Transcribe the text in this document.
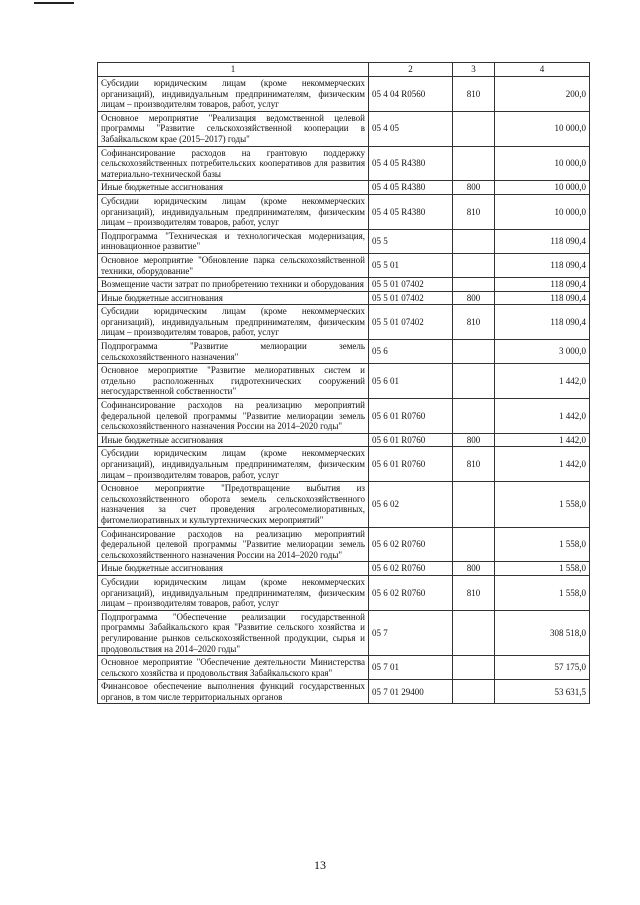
1	2	3	4
Субсидии юридическим лицам (кроме некоммерческих организаций), индивидуальным предпринимателям, физическим лицам – производителям товаров, работ, услуг	05 4 04 R0560	810	200,0
Основное мероприятие "Реализация ведомственной целевой программы "Развитие сельскохозяйственной кооперации в Забайкальском крае (2015–2017) годы"	05 4 05		10 000,0
Софинансирование расходов на грантовую поддержку сельскохозяйственных потребительских кооперативов для развития материально-технической базы	05 4 05 R4380		10 000,0
Иные бюджетные ассигнования	05 4 05 R4380	800	10 000,0
Субсидии юридическим лицам (кроме некоммерческих организаций), индивидуальным предпринимателям, физическим лицам – производителям товаров, работ, услуг	05 4 05 R4380	810	10 000,0
Подпрограмма "Техническая и технологическая модернизация, инновационное развитие"	05 5		118 090,4
Основное мероприятие "Обновление парка сельскохозяйственной техники, оборудование"	05 5 01		118 090,4
Возмещение части затрат по приобретению техники и оборудования	05 5 01 07402		118 090,4
Иные бюджетные ассигнования	05 5 01 07402	800	118 090,4
Субсидии юридическим лицам (кроме некоммерческих организаций), индивидуальным предпринимателям, физическим лицам – производителям товаров, работ, услуг	05 5 01 07402	810	118 090,4
Подпрограмма "Развитие мелиорации земель сельскохозяйственного назначения"	05 6		3 000,0
Основное мероприятие "Развитие мелиоративных систем и отдельно расположенных гидротехнических сооружений негосударственной собственности"	05 6 01		1 442,0
Софинансирование расходов на реализацию мероприятий федеральной целевой программы "Развитие мелиорации земель сельскохозяйственного назначения России на 2014–2020 годы"	05 6 01 R0760		1 442,0
Иные бюджетные ассигнования	05 6 01 R0760	800	1 442,0
Субсидии юридическим лицам (кроме некоммерческих организаций), индивидуальным предпринимателям, физическим лицам – производителям товаров, работ, услуг	05 6 01 R0760	810	1 442,0
Основное мероприятие "Предотвращение выбытия из сельскохозяйственного оборота земель сельскохозяйственного назначения за счет проведения агролесомелиоративных, фитомелиоративных и культуртехнических мероприятий"	05 6 02		1 558,0
Софинансирование расходов на реализацию мероприятий федеральной целевой программы "Развитие мелиорации земель сельскохозяйственного назначения России на 2014–2020 годы"	05 6 02 R0760		1 558,0
Иные бюджетные ассигнования	05 6 02 R0760	800	1 558,0
Субсидии юридическим лицам (кроме некоммерческих организаций), индивидуальным предпринимателям, физическим лицам – производителям товаров, работ, услуг	05 6 02 R0760	810	1 558,0
Подпрограмма "Обеспечение реализации государственной программы Забайкальского края "Развитие сельского хозяйства и регулирование рынков сельскохозяйственной продукции, сырья и продовольствия на 2014–2020 годы"	05 7		308 518,0
Основное мероприятие "Обеспечение деятельности Министерства сельского хозяйства и продовольствия Забайкальского края"	05 7 01		57 175,0
Финансовое обеспечение выполнения функций государственных органов, в том числе территориальных органов	05 7 01 29400		53 631,5
13
